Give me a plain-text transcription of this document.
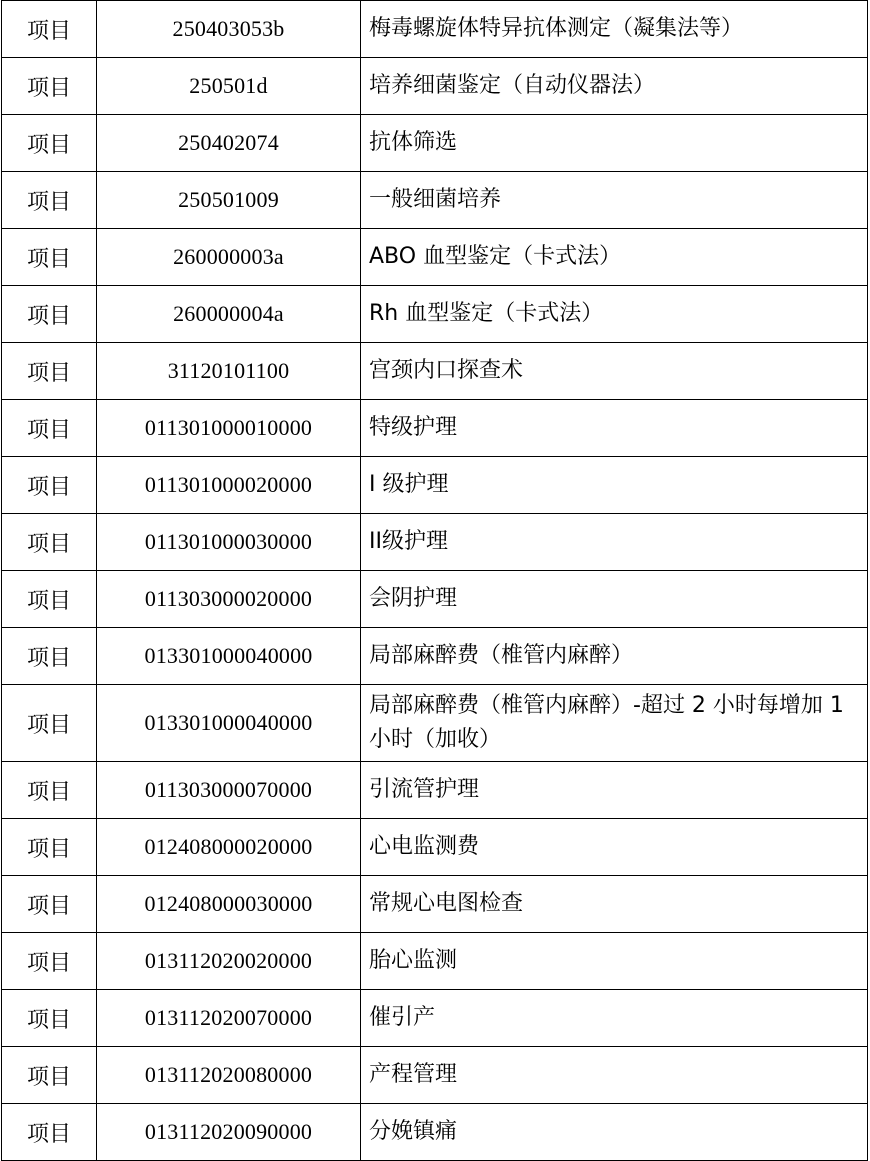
项目	250403053b	梅毒螺旋体特异抗体测定（凝集法等）
项目	250501d	培养细菌鉴定（自动仪器法）
项目	250402074	抗体筛选
项目	250501009	一般细菌培养
项目	260000003a	ABO 血型鉴定（卡式法）
项目	260000004a	Rh 血型鉴定（卡式法）
项目	31120101100	宫颈内口探查术
项目	011301000010000	特级护理
项目	011301000020000	I 级护理
项目	011301000030000	II级护理
项目	011303000020000	会阴护理
项目	013301000040000	局部麻醉费（椎管内麻醉）
项目	013301000040000	局部麻醉费（椎管内麻醉）-超过 2 小时每增加 1 小时（加收）
项目	011303000070000	引流管护理
项目	012408000020000	心电监测费
项目	012408000030000	常规心电图检查
项目	013112020020000	胎心监测
项目	013112020070000	催引产
项目	013112020080000	产程管理
项目	013112020090000	分娩镇痛
